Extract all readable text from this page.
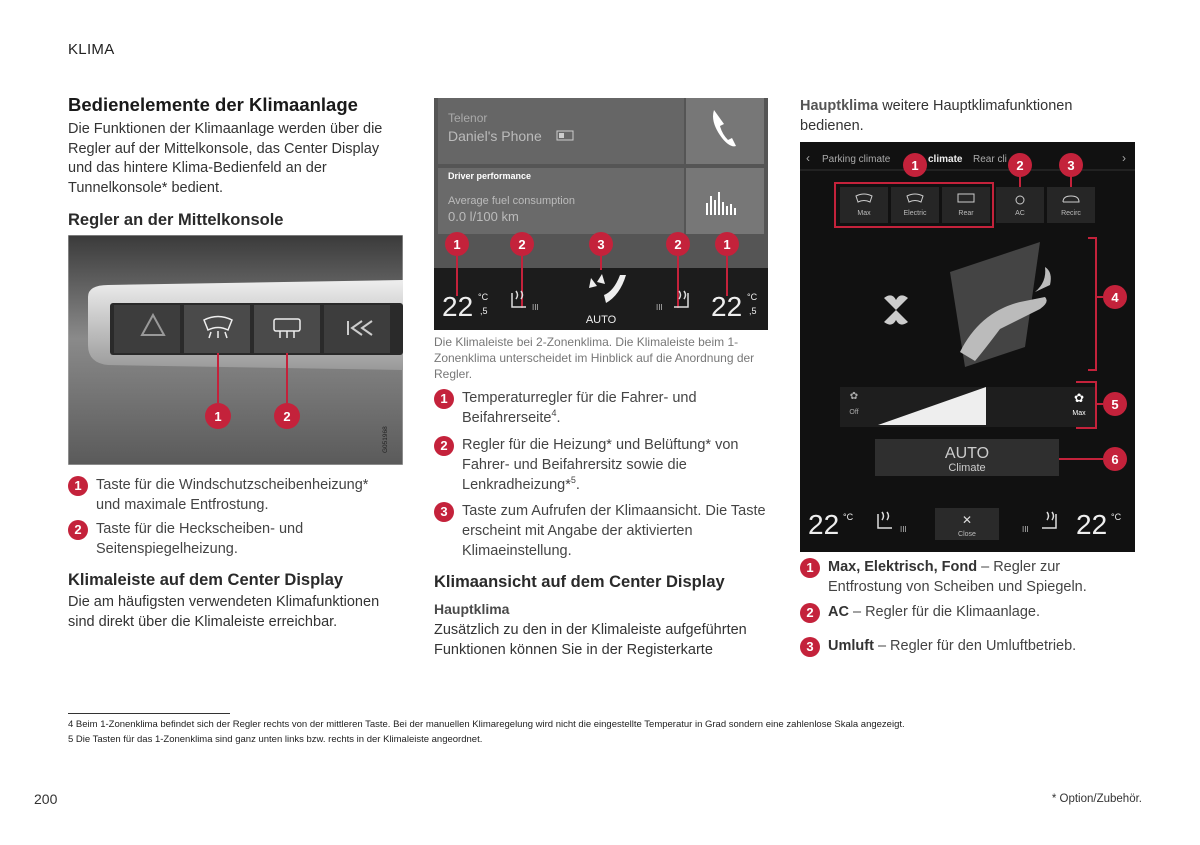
KLIMA
Bedienelemente der Klimaanlage
Die Funktionen der Klimaanlage werden über die Regler auf der Mittelkonsole, das Center Display und das hintere Klima-Bedienfeld an der Tunnelkonsole* bedient.
Regler an der Mittelkonsole
1	2
G051968
1 Taste für die Windschutzscheibenheizung* und maximale Entfrostung.
2 Taste für die Heckscheiben- und Seitenspiegelheizung.
Klimaleiste auf dem Center Display
Die am häufigsten verwendeten Klimafunktionen sind direkt über die Klimaleiste erreichbar.
Telenor
Daniel's Phone
Driver performance
Average fuel consumption
0.0 l/100 km
1	2	3	2	1
22 °C
,5	III
AUTO
III 22 °C
,5
Die Klimaleiste bei 2-Zonenklima. Die Klimaleiste beim 1-Zonenklima unterscheidet im Hinblick auf die Anordnung der Regler.
1 Temperaturregler für die Fahrer- und Beifahrerseite$^4$.
2 Regler für die Heizung* und Belüftung* von Fahrer- und Beifahrersitz sowie die Lenkradheizung*$^5$.
3 Taste zum Aufrufen der Klimaansicht. Die Taste erscheint mit Angabe der aktivierten Klimaeinstellung.
Klimaansicht auf dem Center Display
Hauptklima
Zusätzlich zu den in der Klimaleiste aufgeführten Funktionen können Sie in der Registerkarte
Hauptklima weitere Hauptklimafunktionen bedienen.
‹ Parking climate	climate Rear cli	›
Max	Electric	Rear	AC	Recirc
1	2	3
4
✿
Off
✿
Max
5
AUTO
Climate
6
22 °C
III
✕
Close
III 22 °C
1 Max, Elektrisch, Fond – Regler zur Entfrostung von Scheiben und Spiegeln.
2 AC – Regler für die Klimaanlage.
3 Umluft – Regler für den Umluftbetrieb.
4 Beim 1-Zonenklima befindet sich der Regler rechts von der mittleren Taste. Bei der manuellen Klimaregelung wird nicht die eingestellte Temperatur in Grad sondern eine zahlenlose Skala angezeigt.
5 Die Tasten für das 1-Zonenklima sind ganz unten links bzw. rechts in der Klimaleiste angeordnet.
200	* Option/Zubehör.
